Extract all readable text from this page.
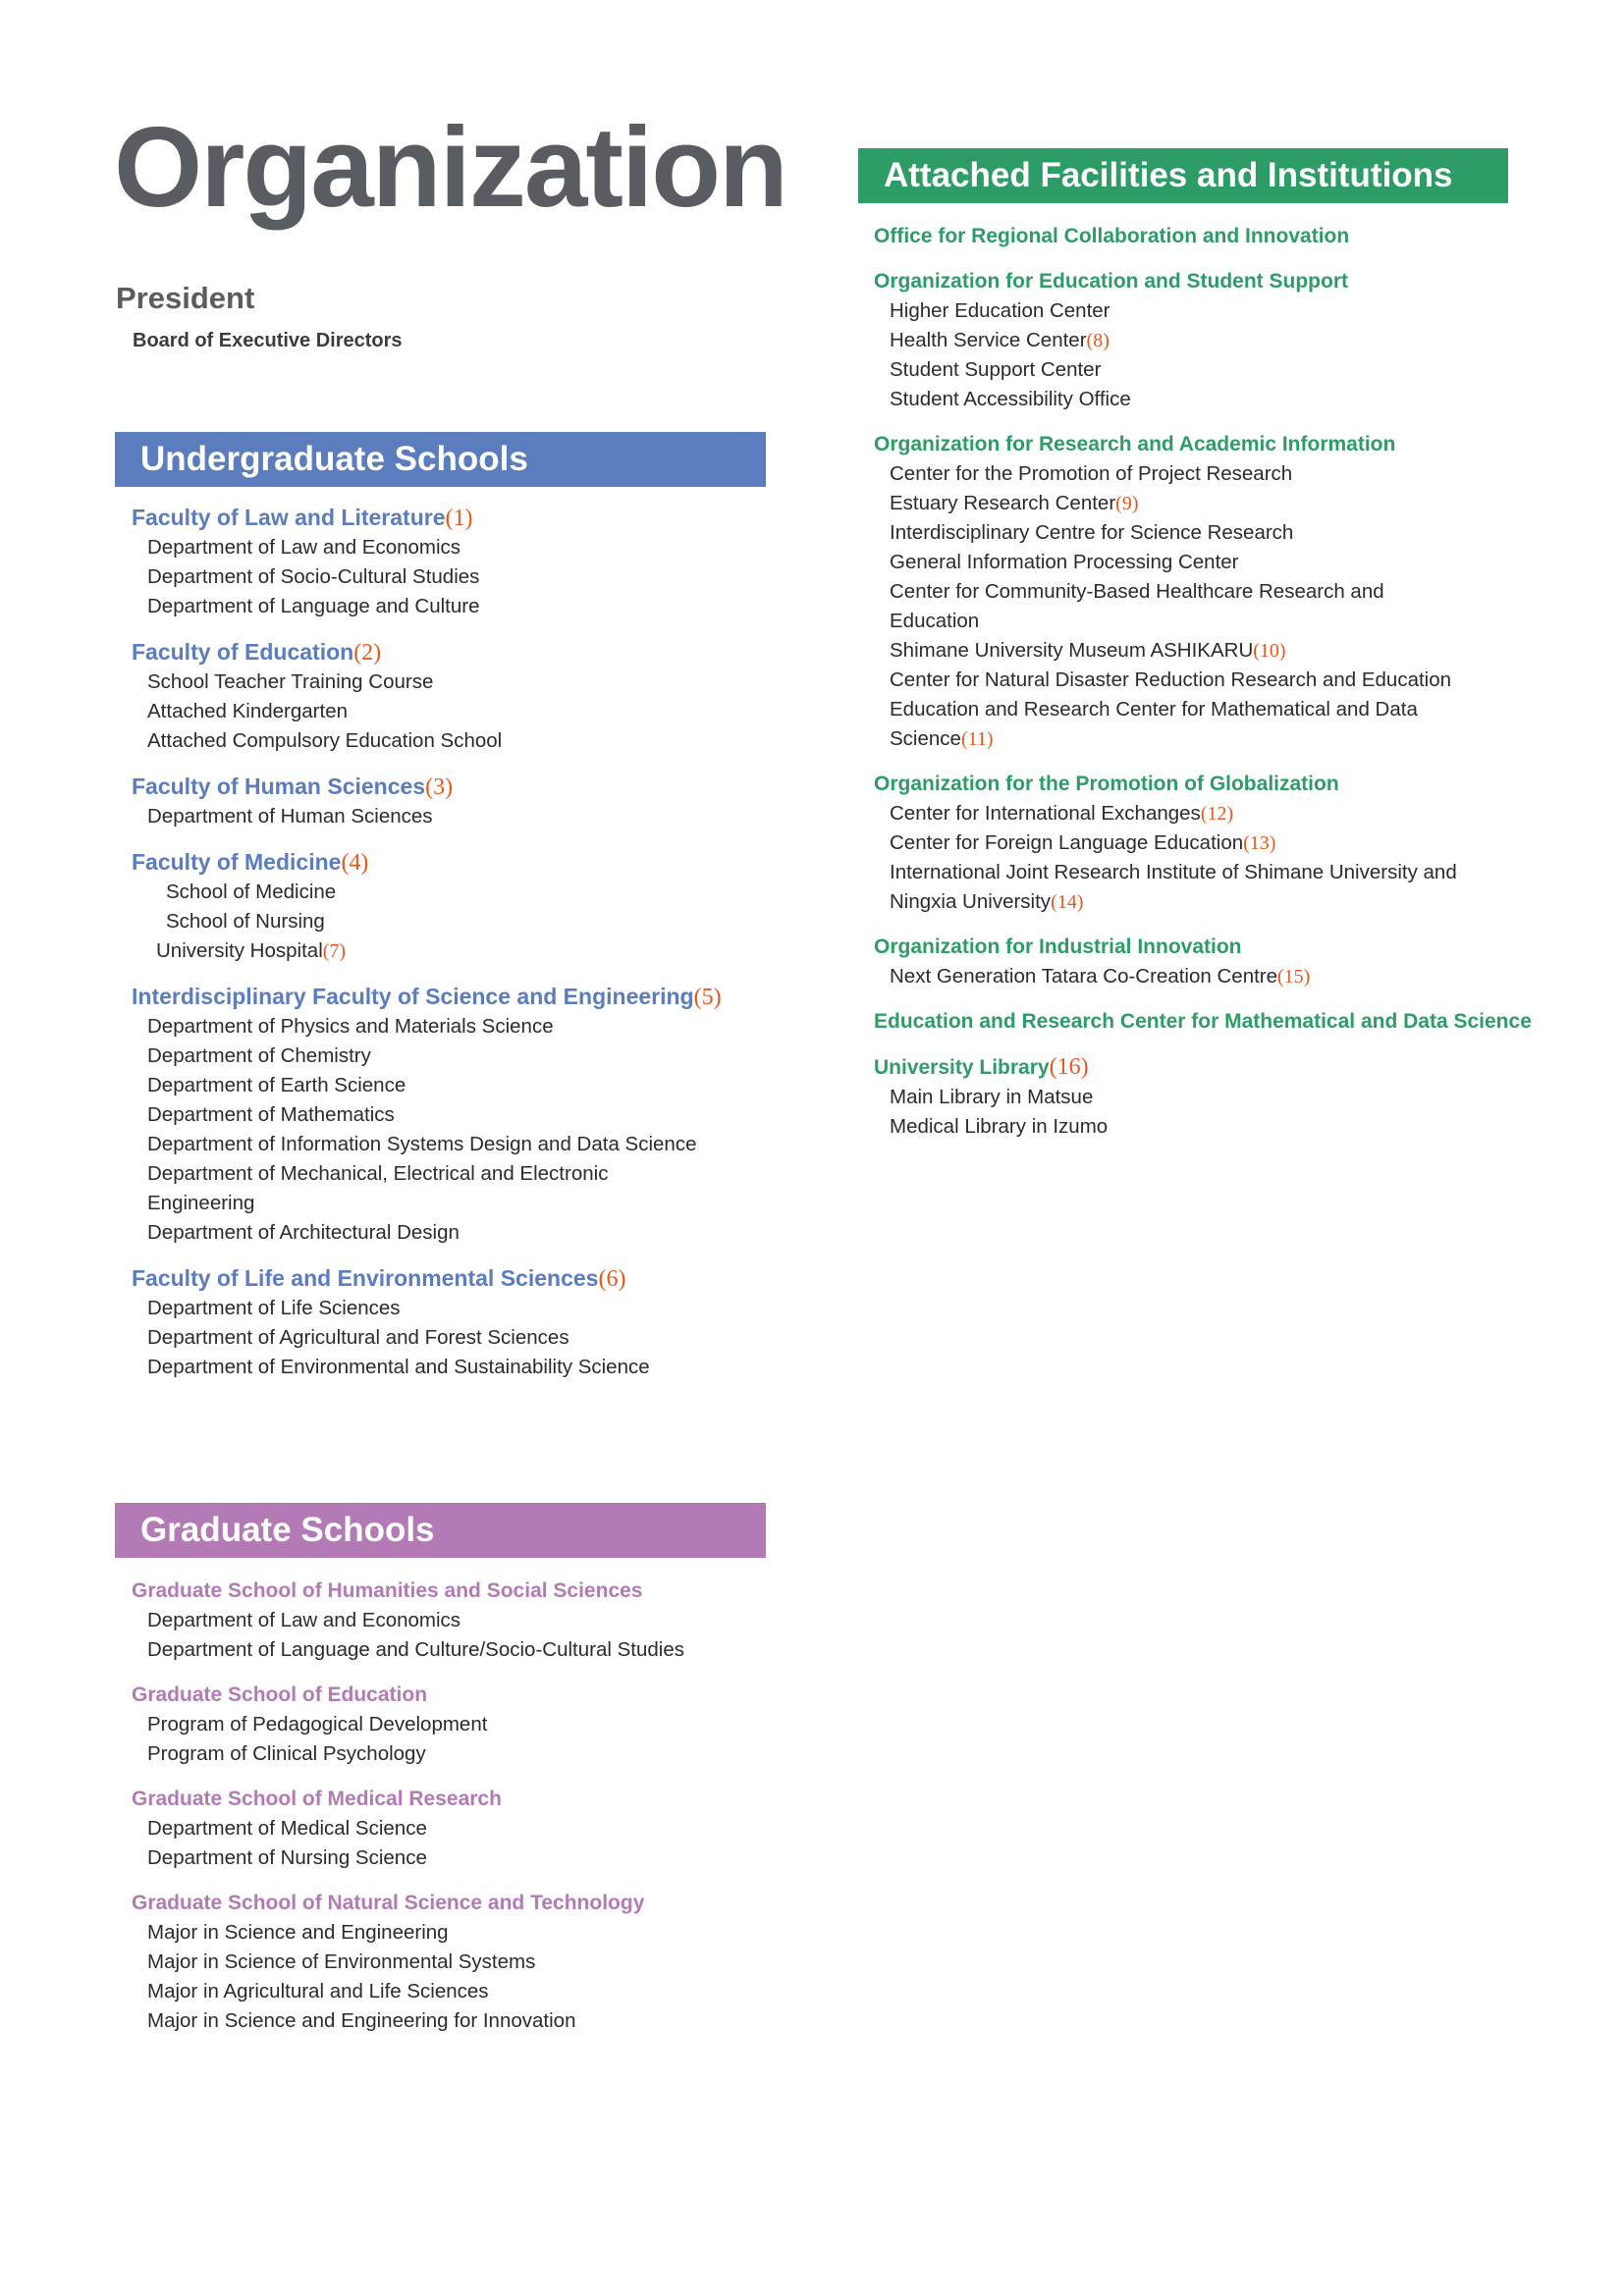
Organization
President
Board of Executive Directors
Undergraduate Schools
Faculty of Law and Literature(1)
Department of Law and Economics
Department of Socio-Cultural Studies
Department of Language and Culture
Faculty of Education(2)
School Teacher Training Course
Attached Kindergarten
Attached Compulsory Education School
Faculty of Human Sciences(3)
Department of Human Sciences
Faculty of Medicine(4)
School of Medicine
School of Nursing
University Hospital(7)
Interdisciplinary Faculty of Science and Engineering(5)
Department of Physics and Materials Science
Department of Chemistry
Department of Earth Science
Department of Mathematics
Department of Information Systems Design and Data Science
Department of Mechanical, Electrical and Electronic
Engineering
Department of Architectural Design
Faculty of Life and Environmental Sciences(6)
Department of Life Sciences
Department of Agricultural and Forest Sciences
Department of Environmental and Sustainability Science
Graduate Schools
Graduate School of Humanities and Social Sciences
Department of Law and Economics
Department of Language and Culture/Socio-Cultural Studies
Graduate School of Education
Program of Pedagogical Development
Program of Clinical Psychology
Graduate School of Medical Research
Department of Medical Science
Department of Nursing Science
Graduate School of Natural Science and Technology
Major in Science and Engineering
Major in Science of Environmental Systems
Major in Agricultural and Life Sciences
Major in Science and Engineering for Innovation
Attached Facilities and Institutions
Office for Regional Collaboration and Innovation
Organization for Education and Student Support
Higher Education Center
Health Service Center(8)
Student Support Center
Student Accessibility Office
Organization for Research and Academic Information
Center for the Promotion of Project Research
Estuary Research Center(9)
Interdisciplinary Centre for Science Research
General Information Processing Center
Center for Community-Based Healthcare Research and
Education
Shimane University Museum ASHIKARU(10)
Center for Natural Disaster Reduction Research and Education
Education and Research Center for Mathematical and Data
Science(11)
Organization for the Promotion of Globalization
Center for International Exchanges(12)
Center for Foreign Language Education(13)
International Joint Research Institute of Shimane University and
Ningxia University(14)
Organization for Industrial Innovation
Next Generation Tatara Co-Creation Centre(15)
Education and Research Center for Mathematical and Data Science
University Library(16)
Main Library in Matsue
Medical Library in Izumo
